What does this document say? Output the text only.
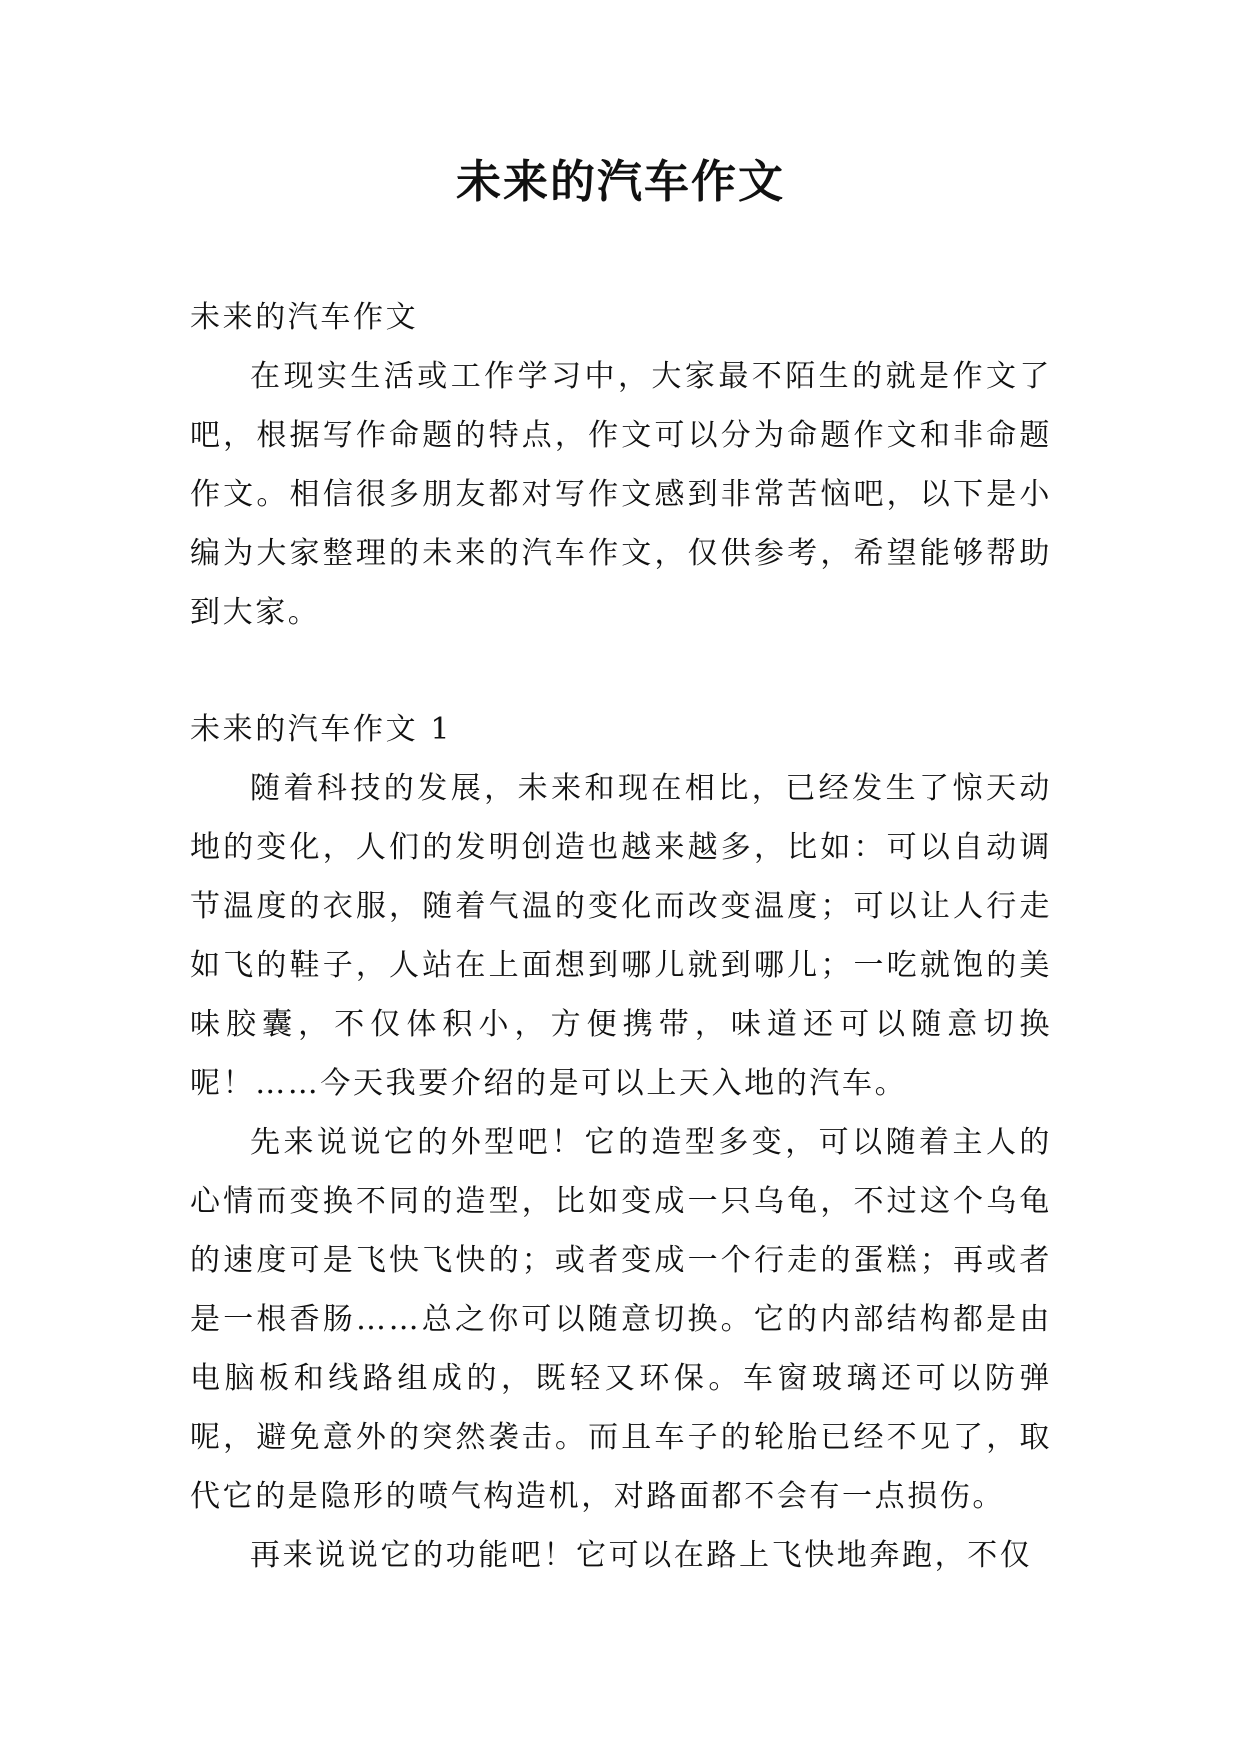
未来的汽车作文

未来的汽车作文

在现实生活或工作学习中，大家最不陌生的就是作文了吧，根据写作命题的特点，作文可以分为命题作文和非命题作文。相信很多朋友都对写作文感到非常苦恼吧，以下是小编为大家整理的未来的汽车作文，仅供参考，希望能够帮助到大家。

未来的汽车作文 1

随着科技的发展，未来和现在相比，已经发生了惊天动地的变化，人们的发明创造也越来越多，比如：可以自动调节温度的衣服，随着气温的变化而改变温度；可以让人行走如飞的鞋子，人站在上面想到哪儿就到哪儿；一吃就饱的美味胶囊，不仅体积小，方便携带，味道还可以随意切换呢！……今天我要介绍的是可以上天入地的汽车。

先来说说它的外型吧！它的造型多变，可以随着主人的心情而变换不同的造型，比如变成一只乌龟，不过这个乌龟的速度可是飞快飞快的；或者变成一个行走的蛋糕；再或者是一根香肠……总之你可以随意切换。它的内部结构都是由电脑板和线路组成的，既轻又环保。车窗玻璃还可以防弹呢，避免意外的突然袭击。而且车子的轮胎已经不见了，取代它的是隐形的喷气构造机，对路面都不会有一点损伤。

再来说说它的功能吧！它可以在路上飞快地奔跑，不仅
